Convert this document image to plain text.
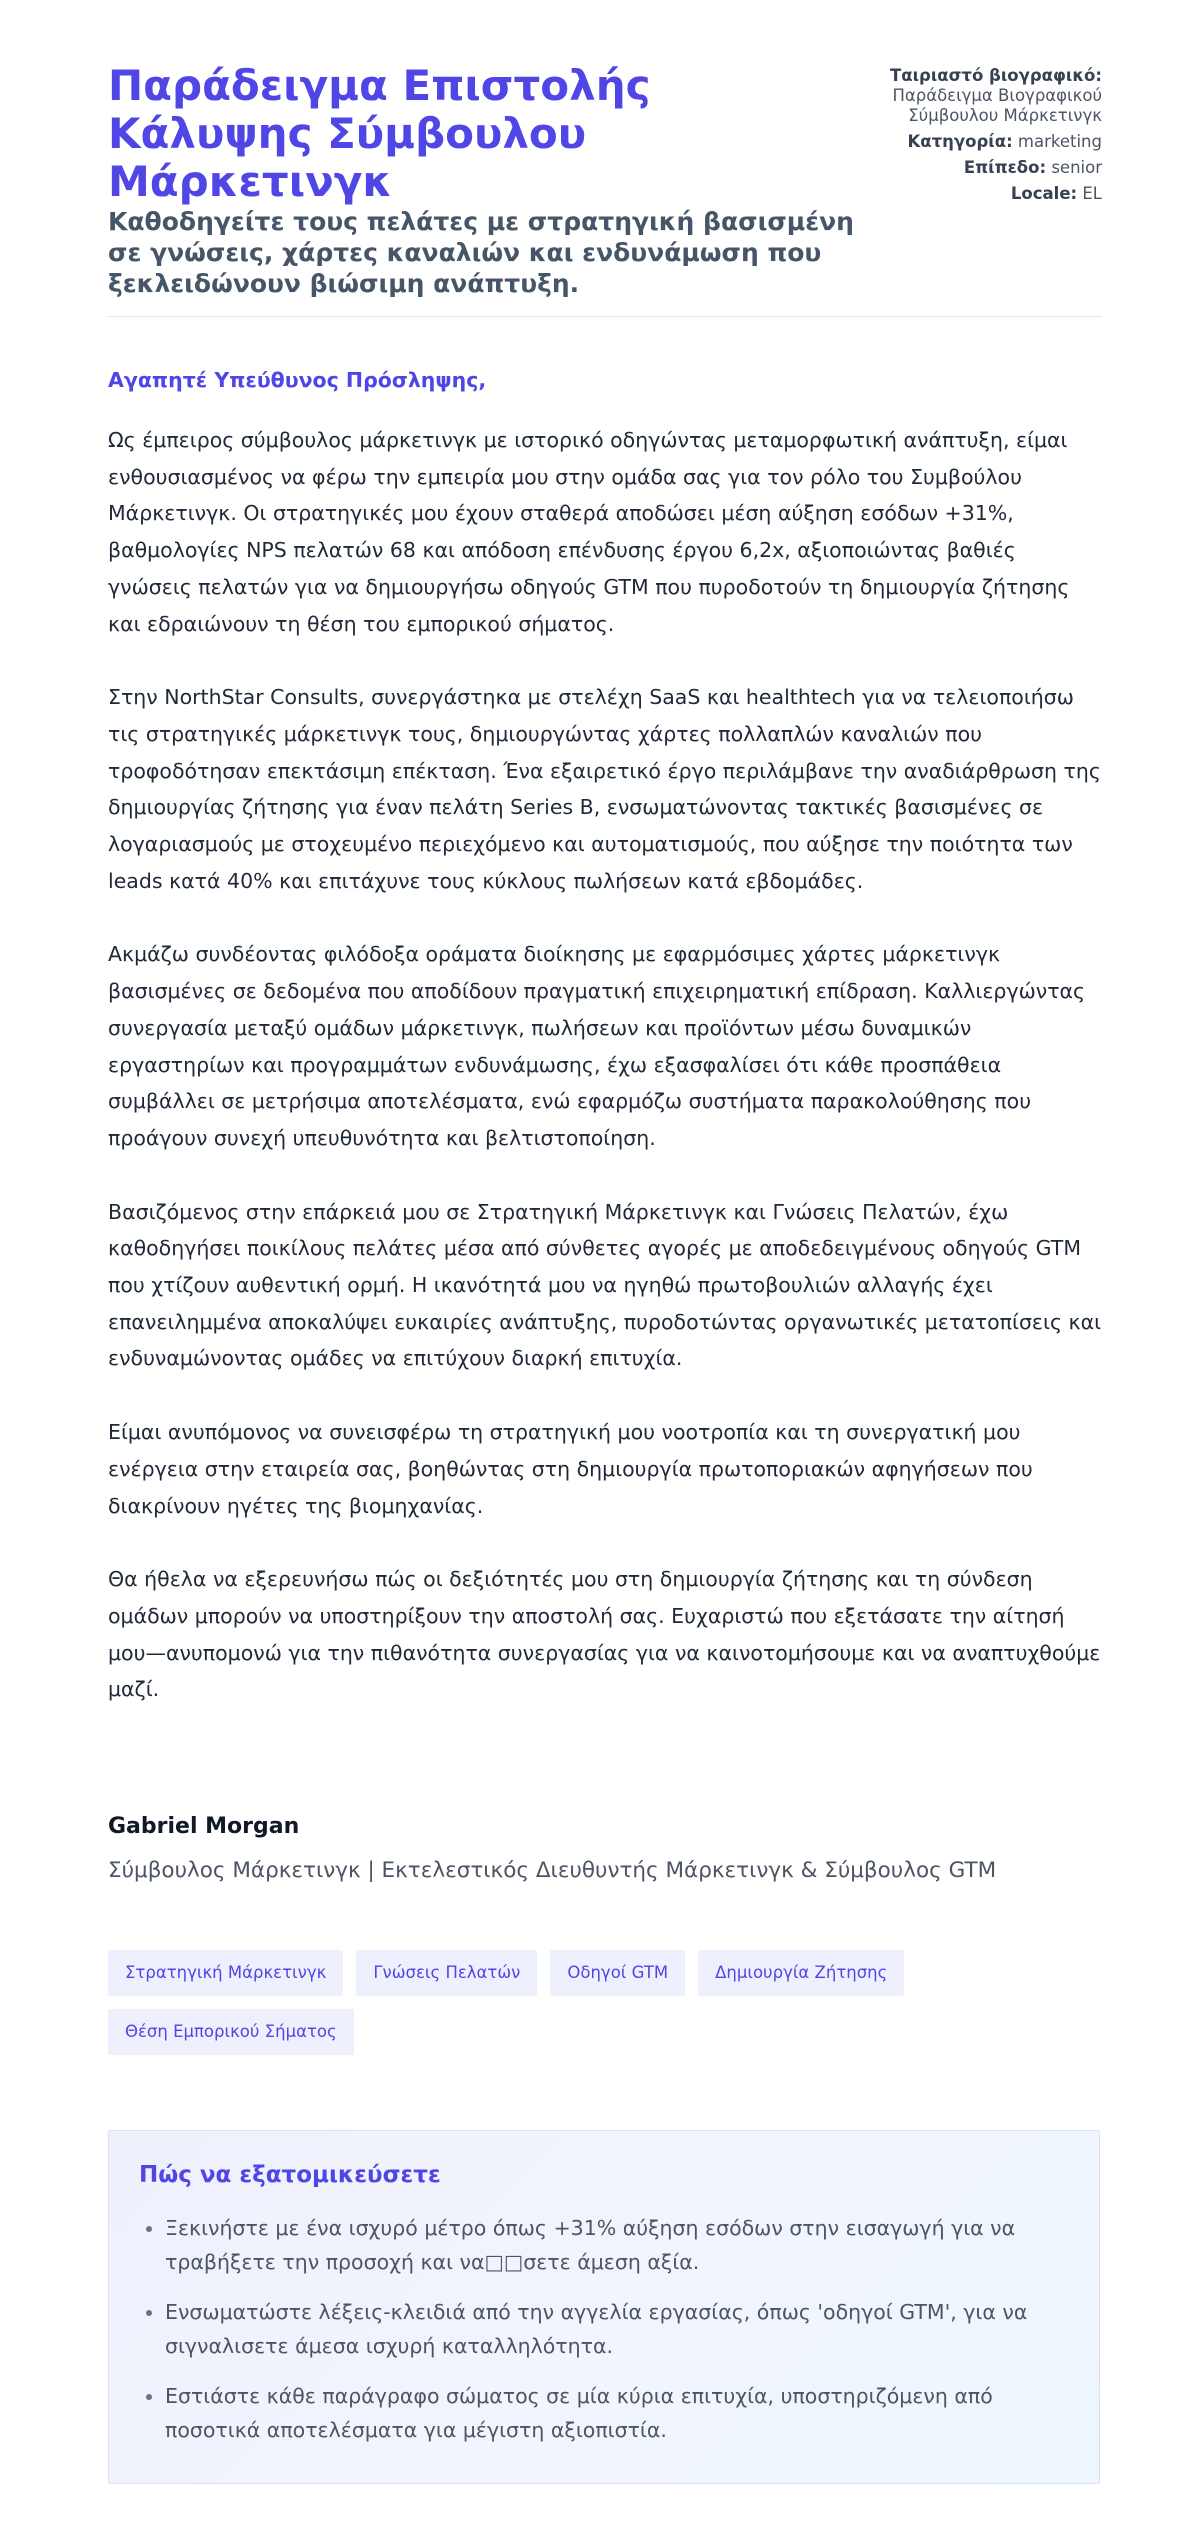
Παράδειγμα Επιστολής Κάλυψης Σύμβουλου Μάρκετινγκ

Καθοδηγείτε τους πελάτες με στρατηγική βασισμένη σε γνώσεις, χάρτες καναλιών και ενδυνάμωση που ξεκλειδώνουν βιώσιμη ανάπτυξη.

Ταιριαστό βιογραφικό:
Παράδειγμα Βιογραφικού Σύμβουλου Μάρκετινγκ
Κατηγορία: marketing
Επίπεδο: senior
Locale: EL

Αγαπητέ Υπεύθυνος Πρόσληψης,

Ως έμπειρος σύμβουλος μάρκετινγκ με ιστορικό οδηγώντας μεταμορφωτική ανάπτυξη, είμαι ενθουσιασμένος να φέρω την εμπειρία μου στην ομάδα σας για τον ρόλο του Συμβούλου Μάρκετινγκ. Οι στρατηγικές μου έχουν σταθερά αποδώσει μέση αύξηση εσόδων +31%, βαθμολογίες NPS πελατών 68 και απόδοση επένδυσης έργου 6,2x, αξιοποιώντας βαθιές γνώσεις πελατών για να δημιουργήσω οδηγούς GTM που πυροδοτούν τη δημιουργία ζήτησης και εδραιώνουν τη θέση του εμπορικού σήματος.

Στην NorthStar Consults, συνεργάστηκα με στελέχη SaaS και healthtech για να τελειοποιήσω τις στρατηγικές μάρκετινγκ τους, δημιουργώντας χάρτες πολλαπλών καναλιών που τροφοδότησαν επεκτάσιμη επέκταση. Ένα εξαιρετικό έργο περιλάμβανε την αναδιάρθρωση της δημιουργίας ζήτησης για έναν πελάτη Series B, ενσωματώνοντας τακτικές βασισμένες σε λογαριασμούς με στοχευμένο περιεχόμενο και αυτοματισμούς, που αύξησε την ποιότητα των leads κατά 40% και επιτάχυνε τους κύκλους πωλήσεων κατά εβδομάδες.

Ακμάζω συνδέοντας φιλόδοξα οράματα διοίκησης με εφαρμόσιμες χάρτες μάρκετινγκ βασισμένες σε δεδομένα που αποδίδουν πραγματική επιχειρηματική επίδραση. Καλλιεργώντας συνεργασία μεταξύ ομάδων μάρκετινγκ, πωλήσεων και προϊόντων μέσω δυναμικών εργαστηρίων και προγραμμάτων ενδυνάμωσης, έχω εξασφαλίσει ότι κάθε προσπάθεια συμβάλλει σε μετρήσιμα αποτελέσματα, ενώ εφαρμόζω συστήματα παρακολούθησης που προάγουν συνεχή υπευθυνότητα και βελτιστοποίηση.

Βασιζόμενος στην επάρκειά μου σε Στρατηγική Μάρκετινγκ και Γνώσεις Πελατών, έχω καθοδηγήσει ποικίλους πελάτες μέσα από σύνθετες αγορές με αποδεδειγμένους οδηγούς GTM που χτίζουν αυθεντική ορμή. Η ικανότητά μου να ηγηθώ πρωτοβουλιών αλλαγής έχει επανειλημμένα αποκαλύψει ευκαιρίες ανάπτυξης, πυροδοτώντας οργανωτικές μετατοπίσεις και ενδυναμώνοντας ομάδες να επιτύχουν διαρκή επιτυχία.

Είμαι ανυπόμονος να συνεισφέρω τη στρατηγική μου νοοτροπία και τη συνεργατική μου ενέργεια στην εταιρεία σας, βοηθώντας στη δημιουργία πρωτοποριακών αφηγήσεων που διακρίνουν ηγέτες της βιομηχανίας.

Θα ήθελα να εξερευνήσω πώς οι δεξιότητές μου στη δημιουργία ζήτησης και τη σύνδεση ομάδων μπορούν να υποστηρίξουν την αποστολή σας. Ευχαριστώ που εξετάσατε την αίτησή μου—ανυπομονώ για την πιθανότητα συνεργασίας για να καινοτομήσουμε και να αναπτυχθούμε μαζί.

Gabriel Morgan
Σύμβουλος Μάρκετινγκ | Εκτελεστικός Διευθυντής Μάρκετινγκ & Σύμβουλος GTM
Στρατηγική Μάρκετινγκ	Γνώσεις Πελατών	Οδηγοί GTM	Δημιουργία Ζήτησης
Θέση Εμπορικού Σήματος
Πώς να εξατομικεύσετε
• Ξεκινήστε με ένα ισχυρό μέτρο όπως +31% αύξηση εσόδων στην εισαγωγή για να τραβήξετε την προσοχή και να□□σετε άμεση αξία.
• Ενσωματώστε λέξεις-κλειδιά από την αγγελία εργασίας, όπως 'οδηγοί GTM', για να σιγναλισετε άμεσα ισχυρή καταλληλότητα.
• Εστιάστε κάθε παράγραφο σώματος σε μία κύρια επιτυχία, υποστηριζόμενη από ποσοτικά αποτελέσματα για μέγιστη αξιοπιστία.
